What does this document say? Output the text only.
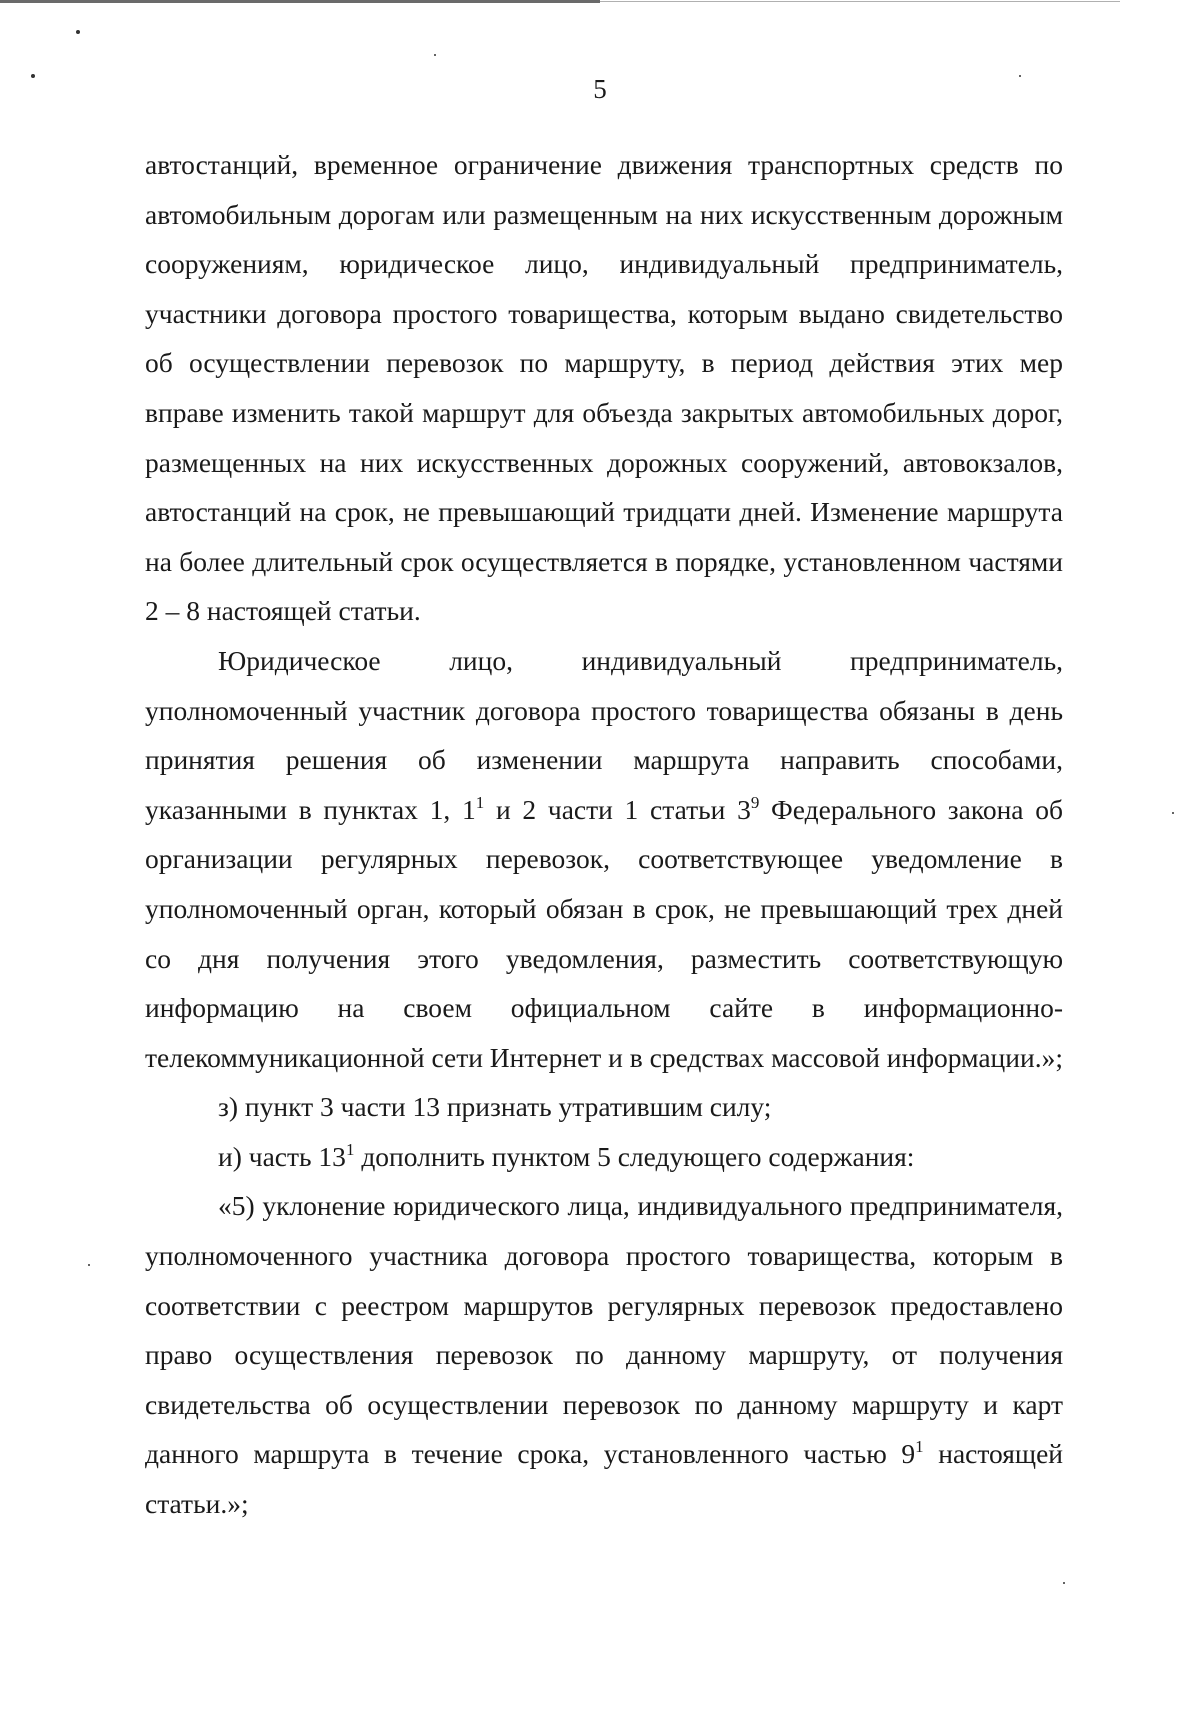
5

автостанций, временное ограничение движения транспортных средств по автомобильным дорогам или размещенным на них искусственным дорожным сооружениям, юридическое лицо, индивидуальный предприниматель, участники договора простого товарищества, которым выдано свидетельство об осуществлении перевозок по маршруту, в период действия этих мер вправе изменить такой маршрут для объезда закрытых автомобильных дорог, размещенных на них искусственных дорожных сооружений, автовокзалов, автостанций на срок, не превышающий тридцати дней. Изменение маршрута на более длительный срок осуществляется в порядке, установленном частями 2 – 8 настоящей статьи.

Юридическое лицо, индивидуальный предприниматель, уполномоченный участник договора простого товарищества обязаны в день принятия решения об изменении маршрута направить способами, указанными в пунктах 1, $1^1$ и 2 части 1 статьи $3^9$ Федерального закона об организации регулярных перевозок, соответствующее уведомление в уполномоченный орган, который обязан в срок, не превышающий трех дней со дня получения этого уведомления, разместить соответствующую информацию на своем официальном сайте в информационно-телекоммуникационной сети Интернет и в средствах массовой информации.»;

з) пункт 3 части 13 признать утратившим силу;

и) часть $13^1$ дополнить пунктом 5 следующего содержания:

«5) уклонение юридического лица, индивидуального предпринимателя, уполномоченного участника договора простого товарищества, которым в соответствии с реестром маршрутов регулярных перевозок предоставлено право осуществления перевозок по данному маршруту, от получения свидетельства об осуществлении перевозок по данному маршруту и карт данного маршрута в течение срока, установленного частью $9^1$ настоящей статьи.»;
